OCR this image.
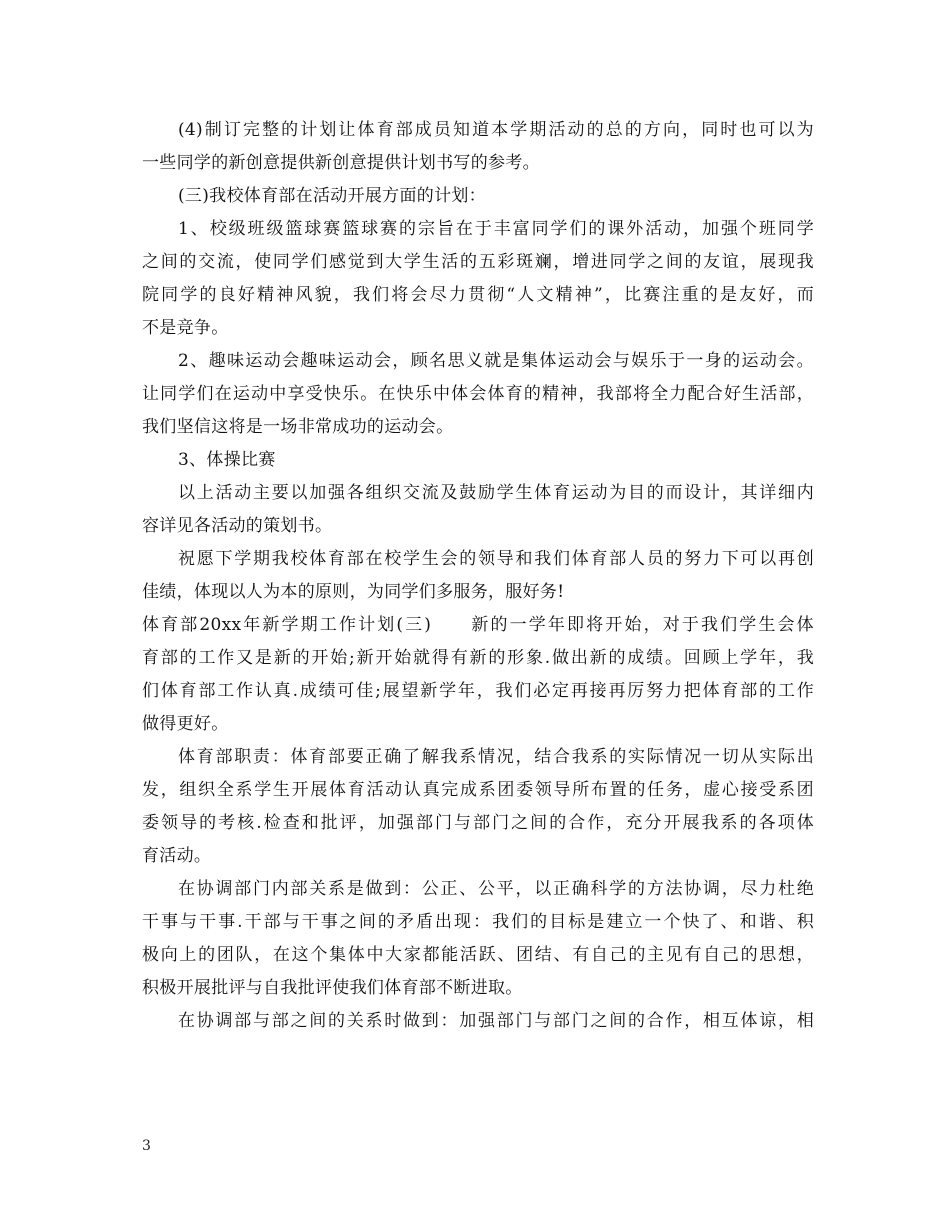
(4)制订完整的计划让体育部成员知道本学期活动的总的方向，同时也可以为
一些同学的新创意提供新创意提供计划书写的参考。
(三)我校体育部在活动开展方面的计划：
1、校级班级篮球赛篮球赛的宗旨在于丰富同学们的课外活动，加强个班同学
之间的交流，使同学们感觉到大学生活的五彩斑斓，增进同学之间的友谊，展现我
院同学的良好精神风貌，我们将会尽力贯彻“人文精神”，比赛注重的是友好，而
不是竞争。
2、趣味运动会趣味运动会，顾名思义就是集体运动会与娱乐于一身的运动会。
让同学们在运动中享受快乐。在快乐中体会体育的精神，我部将全力配合好生活部，
我们坚信这将是一场非常成功的运动会。
3、体操比赛
以上活动主要以加强各组织交流及鼓励学生体育运动为目的而设计，其详细内
容详见各活动的策划书。
祝愿下学期我校体育部在校学生会的领导和我们体育部人员的努力下可以再创
佳绩，体现以人为本的原则，为同学们多服务，服好务!
体育部20xx年新学期工作计划(三)　　新的一学年即将开始，对于我们学生会体
育部的工作又是新的开始;新开始就得有新的形象.做出新的成绩。回顾上学年，我
们体育部工作认真.成绩可佳;展望新学年，我们必定再接再厉努力把体育部的工作
做得更好。
体育部职责：体育部要正确了解我系情况，结合我系的实际情况一切从实际出
发，组织全系学生开展体育活动认真完成系团委领导所布置的任务，虚心接受系团
委领导的考核.检查和批评，加强部门与部门之间的合作，充分开展我系的各项体
育活动。
在协调部门内部关系是做到：公正、公平，以正确科学的方法协调，尽力杜绝
干事与干事.干部与干事之间的矛盾出现：我们的目标是建立一个快了、和谐、积
极向上的团队，在这个集体中大家都能活跃、团结、有自己的主见有自己的思想，
积极开展批评与自我批评使我们体育部不断进取。
在协调部与部之间的关系时做到：加强部门与部门之间的合作，相互体谅，相
3
